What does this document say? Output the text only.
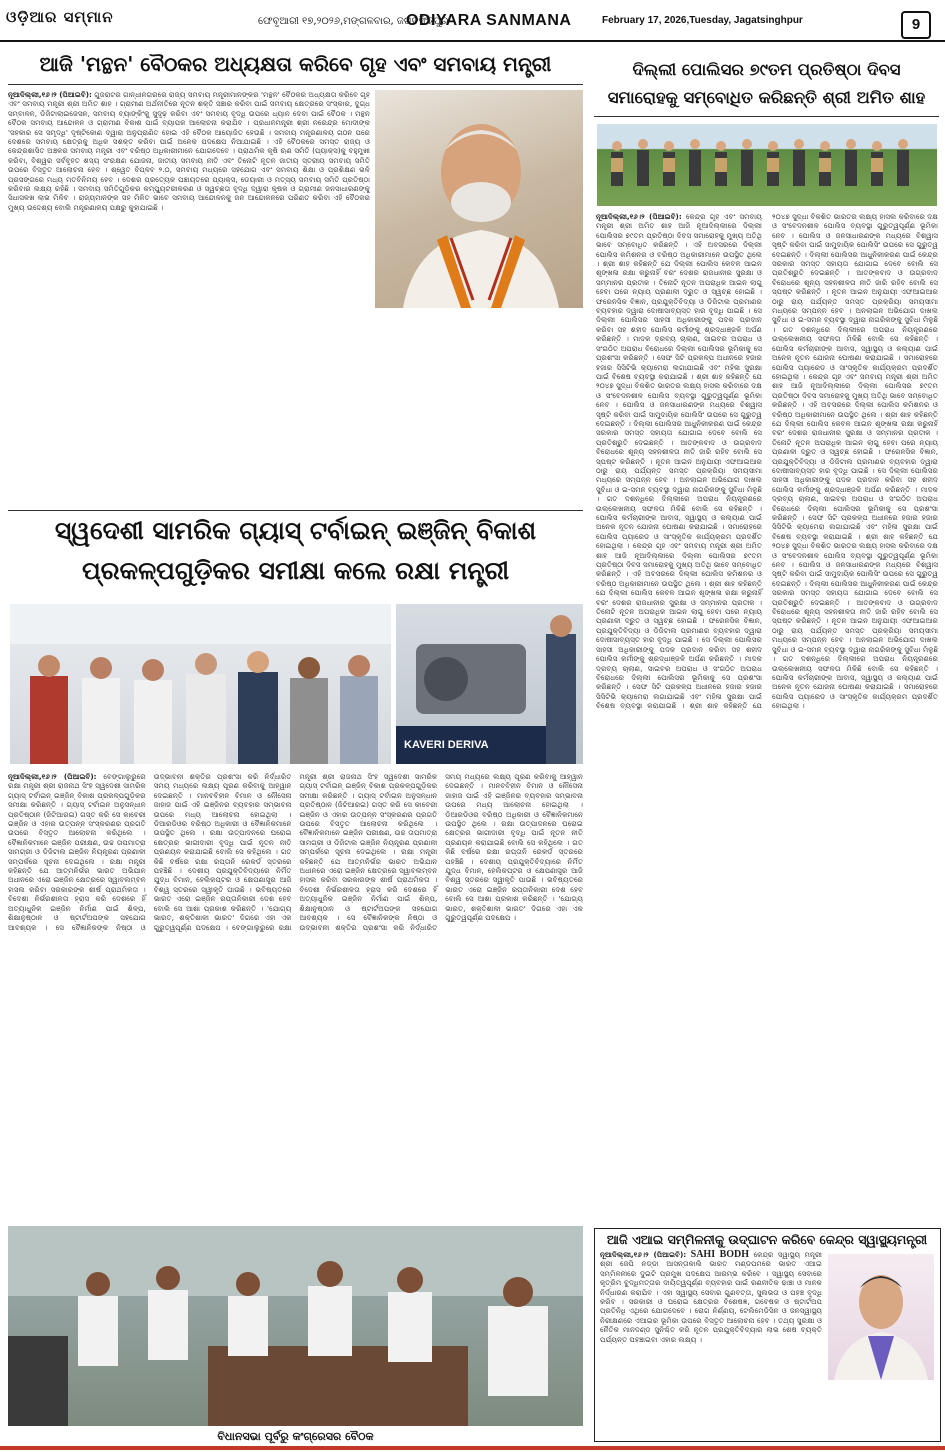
ଓଡ଼ିଆର ସମ୍ମାନ	ଫେବୃଆରୀ ୧୭,୨୦୨୬,ମଙ୍ଗଳବାର, ଜଗତସିଂହପୁର
ODIYARA SANMANA	February 17, 2026,Tuesday, Jagatsinghpur	9
ଆଜି 'ମନ୍ଥନ' ବୈଠକର ଅଧ୍ୟକ୍ଷତା କରିବେ ଗୃହ ଏବଂ ସମବାୟ ମନ୍ତ୍ରୀ
ନୂଆଦିଲ୍ଲୀ,୧୬।୨ (ପିଆଇବି): ଗୁଜରାଟର ଗାନ୍ଧୀନଗରରେ ରାଜ୍ୟ ସମବାୟ ମନ୍ତ୍ରୀମାନଙ୍କର 'ମନ୍ଥନ' ବୈଠକର ଅଧ୍ୟକ୍ଷତା କରିବେ ଗୃହ ଏବଂ ସମବାୟ ମନ୍ତ୍ରୀ ଶ୍ରୀ ଅମିତ ଶାହ । ଗ୍ରାମୀଣ ଅର୍ଥନୀତିରେ ନୂତନ ଶକ୍ତି ସଞ୍ଚାର କରିବା ପାଇଁ ସମବାୟ କ୍ଷେତ୍ରରେ ସଂସ୍କାର, ଦୁଗ୍ଧ ସମ୍ବାଳନ, ଡିଜିଟାଲାଇଜେସନ, ସମବାୟ ବ୍ୟାଙ୍କିଂକୁ ସୁଦୃଢ଼ କରିବା ଏବଂ ସମବାୟ ବୃଦ୍ଧି ଉପରେ ଧ୍ୟାନ ଦେବା ପାଇଁ ବୈଠକ । ମନ୍ଥନ ବୈଠକ ସମବାୟ ଆନ୍ଦୋଳନ ଓ ଗ୍ରାମୀଣ ବିକାଶ ପାଇଁ ବ୍ୟାପକ ଆଲୋଚନା କରାଯିବ । ପ୍ରଧାନମନ୍ତ୍ରୀ ଶ୍ରୀ ନରେନ୍ଦ୍ର ମୋଦୀଙ୍କ 'ସହକାର ସେ ସମୃଦ୍ଧି' ଦୃଷ୍ଟିକୋଣ ଦ୍ୱାରା ଅନୁପ୍ରାଣିତ ହୋଇ ଏହି ବୈଠକ ଆୟୋଜିତ ହେଉଛି । ସମବାୟ ମନ୍ତ୍ରଣାଳୟ ଗଠନ ପରେ ଦେଶରେ ସମବାୟ କ୍ଷେତ୍ରକୁ ଅଧିକ ସଶକ୍ତ କରିବା ପାଇଁ ଅନେକ ପଦକ୍ଷେପ ନିଆଯାଇଛି । ଏହି ବୈଠକରେ ସମସ୍ତ ରାଜ୍ୟ ଓ କେନ୍ଦ୍ରଶାସିତ ଅଞ୍ଚଳର ସମବାୟ ମନ୍ତ୍ରୀ ଏବଂ ବରିଷ୍ଠ ଅଧିକାରୀମାନେ ଯୋଗଦେବେ । ପ୍ରାଥମିକ କୃଷି ଋଣ ସମିତି (ପ୍ୟାକ୍ସ)କୁ ବହୁମୁଖୀ କରିବା, ବିଶ୍ୱର ସର୍ବବୃହତ ଶସ୍ୟ ସଂରକ୍ଷଣ ଯୋଜନା, ଜାତୀୟ ସମବାୟ ନୀତି ଏବଂ ତିନୋଟି ନୂତନ ଜାତୀୟ ସ୍ତରୀୟ ସମବାୟ ସମିତି ଉପରେ ବିସ୍ତୃତ ଆଲୋଚନା ହେବ । ଶ୍ୱେତ ବିପ୍ଳବ ୨.୦, ସମବାୟ ମଧ୍ୟରେ ସହଯୋଗ ଏବଂ ସମବାୟ ଶିକ୍ଷା ଓ ପ୍ରଶିକ୍ଷଣ ଭଳି ପ୍ରସଙ୍ଗରେ ମଧ୍ୟ ମତବିନିମୟ ହେବ । ଦେଶର ପ୍ରତ୍ୟେକ ପଞ୍ଚାୟତରେ ପ୍ୟାକ୍ସ, ଡେୟାରୀ ଓ ମତ୍ସ୍ୟ ସମବାୟ ସମିତି ପ୍ରତିଷ୍ଠା କରିବାର ଲକ୍ଷ୍ୟ ରହିଛି । ସମବାୟ ସମିତିଗୁଡ଼ିକର କମ୍ପ୍ୟୁଟରୀକରଣ ଓ ସ୍ୱଚ୍ଛତା ବୃଦ୍ଧି ଦ୍ୱାରା କୃଷକ ଓ ଗ୍ରାମୀଣ ଜନସାଧାରଣଙ୍କୁ ସିଧାସଳଖ ଲାଭ ମିଳିବ । ରାଜ୍ୟମାନଙ୍କ ସହ ମିଳିତ ଭାବେ ସମବାୟ ଆନ୍ଦୋଳନକୁ ଜନ ଆନ୍ଦୋଳନରେ ପରିଣତ କରିବା ଏହି ବୈଠକର ମୁଖ୍ୟ ଉଦ୍ଦେଶ୍ୟ ବୋଲି ମନ୍ତ୍ରଣାଳୟ ପକ୍ଷରୁ କୁହାଯାଇଛି ।
ଦିଲ୍ଲୀ ପୋଲିସର ୭୯ତମ ପ୍ରତିଷ୍ଠା ଦିବସ
ସମାରୋହକୁ ସମ୍ବୋଧିତ କରିଛନ୍ତି ଶ୍ରୀ ଅମିତ ଶାହ
ନୂଆଦିଲ୍ଲୀ,୧୬।୨ (ପିଆଇବି): କେନ୍ଦ୍ର ଗୃହ ଏବଂ ସମବାୟ ମନ୍ତ୍ରୀ ଶ୍ରୀ ଅମିତ ଶାହ ଆଜି ନୂଆଦିଲ୍ଲୀରେ ଦିଲ୍ଲୀ ପୋଲିସର ୭୯ତମ ପ୍ରତିଷ୍ଠା ଦିବସ ସମାରୋହକୁ ମୁଖ୍ୟ ଅତିଥି ଭାବେ ସମ୍ବୋଧିତ କରିଛନ୍ତି । ଏହି ଅବସରରେ ଦିଲ୍ଲୀ ପୋଲିସ କମିଶନର ଓ ବରିଷ୍ଠ ଅଧିକାରୀମାନେ ଉପସ୍ଥିତ ଥିଲେ । ଶ୍ରୀ ଶାହ କହିଛନ୍ତି ଯେ ଦିଲ୍ଲୀ ପୋଲିସ କେବଳ ଆଇନ ଶୃଙ୍ଖଳା ରକ୍ଷା କରୁନାହିଁ ବରଂ ଦେଶର ରାଜଧାନୀର ସୁରକ୍ଷା ଓ ସମ୍ମାନର ପ୍ରତୀକ । ତିନୋଟି ନୂତନ ଅପରାଧିକ ଆଇନ ଲାଗୁ ହେବା ପରେ ନ୍ୟାୟ ପ୍ରଣାଳୀ ଦ୍ରୁତ ଓ ସ୍ୱଚ୍ଛ ହୋଇଛି । ଫରେନସିକ ବିଜ୍ଞାନ, ପ୍ରଯୁକ୍ତିବିଦ୍ୟା ଓ ଡିଜିଟାଲ ପ୍ରମାଣର ବ୍ୟବହାର ଦ୍ୱାରା ଦୋଷୀସାବ୍ୟସ୍ତ ହାର ବୃଦ୍ଧି ପାଇଛି । ସେ ଦିଲ୍ଲୀ ପୋଲିସର ସାହସୀ ଅଧିକାରୀଙ୍କୁ ପଦକ ପ୍ରଦାନ କରିବା ସହ ଶହୀଦ ପୋଲିସ କର୍ମୀଙ୍କୁ ଶ୍ରଦ୍ଧାଞ୍ଜଳି ଅର୍ପଣ କରିଛନ୍ତି । ମାଦକ ଦ୍ରବ୍ୟ ଚାଲାଣ, ସାଇବର ଅପରାଧ ଓ ସଂଗଠିତ ଅପରାଧ ବିରୋଧରେ ଦିଲ୍ଲୀ ପୋଲିସର ଭୂମିକାକୁ ସେ ପ୍ରଶଂସା କରିଛନ୍ତି । ସେଫ ସିଟି ପ୍ରକଳ୍ପ ଅଧୀନରେ ହଜାର ହଜାର ସିସିଟିଭି କ୍ୟାମେରା ଲଗାଯାଇଛି ଏବଂ ମହିଳା ସୁରକ୍ଷା ପାଇଁ ବିଶେଷ ବ୍ୟବସ୍ଥା କରାଯାଇଛି । ଶ୍ରୀ ଶାହ କହିଛନ୍ତି ଯେ ୨୦୪୭ ସୁଦ୍ଧା ବିକଶିତ ଭାରତର ଲକ୍ଷ୍ୟ ହାସଲ କରିବାରେ ଦକ୍ଷ ଓ ସଂବେଦନଶୀଳ ପୋଲିସ ବ୍ୟବସ୍ଥା ଗୁରୁତ୍ୱପୂର୍ଣ୍ଣ ଭୂମିକା ନେବ । ପୋଲିସ ଓ ଜନସାଧାରଣଙ୍କ ମଧ୍ୟରେ ବିଶ୍ୱାସ ସୃଷ୍ଟି କରିବା ପାଇଁ ସାମୁଦାୟିକ ପୋଲିସିଂ ଉପରେ ସେ ଗୁରୁତ୍ୱ ଦେଇଛନ୍ତି । ଦିଲ୍ଲୀ ପୋଲିସର ଆଧୁନିକୀକରଣ ପାଇଁ କେନ୍ଦ୍ର ସରକାର ସମସ୍ତ ସହାୟତା ଯୋଗାଇ ଦେବେ ବୋଲି ସେ ପ୍ରତିଶ୍ରୁତି ଦେଇଛନ୍ତି । ଆତଙ୍କବାଦ ଓ ଉଗ୍ରବାଦ ବିରୋଧରେ ଶୂନ୍ୟ ସହନଶୀଳତା ନୀତି ଜାରି ରହିବ ବୋଲି ସେ ସ୍ପଷ୍ଟ କରିଛନ୍ତି । ନୂତନ ଆଇନ ଅନୁଯାୟୀ ଏଫଆଇଆର ଠାରୁ ରାୟ ପର୍ଯ୍ୟନ୍ତ ସମସ୍ତ ପ୍ରକ୍ରିୟା ସମୟସୀମା ମଧ୍ୟରେ ସମ୍ପନ୍ନ ହେବ । ଅନଲାଇନ ଅଭିଯୋଗ ଦାଖଲ ସୁବିଧା ଓ ଇ-ସମନ ବ୍ୟବସ୍ଥା ଦ୍ୱାରା ନାଗରିକଙ୍କୁ ସୁବିଧା ମିଳୁଛି । ଗତ ଦଶନ୍ଧିରେ ଦିଲ୍ଲୀରେ ଅପରାଧ ନିୟନ୍ତ୍ରଣରେ ଉଲ୍ଲେଖନୀୟ ସଫଳତା ମିଳିଛି ବୋଲି ସେ କହିଛନ୍ତି । ପୋଲିସ କର୍ମଚାରୀଙ୍କ ଆବାସ, ସ୍ୱାସ୍ଥ୍ୟ ଓ କଲ୍ୟାଣ ପାଇଁ ଅନେକ ନୂତନ ଯୋଜନା ଘୋଷଣା କରାଯାଇଛି । ସମାରୋହରେ ପୋଲିସ ପ୍ୟାରେଡ ଓ ସାଂସ୍କୃତିକ କାର୍ଯ୍ୟକ୍ରମ ପ୍ରଦର୍ଶିତ ହୋଇଥିଲା । କେନ୍ଦ୍ର ଗୃହ ଏବଂ ସମବାୟ ମନ୍ତ୍ରୀ ଶ୍ରୀ ଅମିତ ଶାହ ଆଜି ନୂଆଦିଲ୍ଲୀରେ ଦିଲ୍ଲୀ ପୋଲିସର ୭୯ତମ ପ୍ରତିଷ୍ଠା ଦିବସ ସମାରୋହକୁ ମୁଖ୍ୟ ଅତିଥି ଭାବେ ସମ୍ବୋଧିତ କରିଛନ୍ତି । ଏହି ଅବସରରେ ଦିଲ୍ଲୀ ପୋଲିସ କମିଶନର ଓ ବରିଷ୍ଠ ଅଧିକାରୀମାନେ ଉପସ୍ଥିତ ଥିଲେ । ଶ୍ରୀ ଶାହ କହିଛନ୍ତି ଯେ ଦିଲ୍ଲୀ ପୋଲିସ କେବଳ ଆଇନ ଶୃଙ୍ଖଳା ରକ୍ଷା କରୁନାହିଁ ବରଂ ଦେଶର ରାଜଧାନୀର ସୁରକ୍ଷା ଓ ସମ୍ମାନର ପ୍ରତୀକ । ତିନୋଟି ନୂତନ ଅପରାଧିକ ଆଇନ ଲାଗୁ ହେବା ପରେ ନ୍ୟାୟ ପ୍ରଣାଳୀ ଦ୍ରୁତ ଓ ସ୍ୱଚ୍ଛ ହୋଇଛି । ଫରେନସିକ ବିଜ୍ଞାନ, ପ୍ରଯୁକ୍ତିବିଦ୍ୟା ଓ ଡିଜିଟାଲ ପ୍ରମାଣର ବ୍ୟବହାର ଦ୍ୱାରା ଦୋଷୀସାବ୍ୟସ୍ତ ହାର ବୃଦ୍ଧି ପାଇଛି । ସେ ଦିଲ୍ଲୀ ପୋଲିସର ସାହସୀ ଅଧିକାରୀଙ୍କୁ ପଦକ ପ୍ରଦାନ କରିବା ସହ ଶହୀଦ ପୋଲିସ କର୍ମୀଙ୍କୁ ଶ୍ରଦ୍ଧାଞ୍ଜଳି ଅର୍ପଣ କରିଛନ୍ତି । ମାଦକ ଦ୍ରବ୍ୟ ଚାଲାଣ, ସାଇବର ଅପରାଧ ଓ ସଂଗଠିତ ଅପରାଧ ବିରୋଧରେ ଦିଲ୍ଲୀ ପୋଲିସର ଭୂମିକାକୁ ସେ ପ୍ରଶଂସା କରିଛନ୍ତି । ସେଫ ସିଟି ପ୍ରକଳ୍ପ ଅଧୀନରେ ହଜାର ହଜାର ସିସିଟିଭି କ୍ୟାମେରା ଲଗାଯାଇଛି ଏବଂ ମହିଳା ସୁରକ୍ଷା ପାଇଁ ବିଶେଷ ବ୍ୟବସ୍ଥା କରାଯାଇଛି । ଶ୍ରୀ ଶାହ କହିଛନ୍ତି ଯେ ୨୦୪୭ ସୁଦ୍ଧା ବିକଶିତ ଭାରତର ଲକ୍ଷ୍ୟ ହାସଲ କରିବାରେ ଦକ୍ଷ ଓ ସଂବେଦନଶୀଳ ପୋଲିସ ବ୍ୟବସ୍ଥା ଗୁରୁତ୍ୱପୂର୍ଣ୍ଣ ଭୂମିକା ନେବ । ପୋଲିସ ଓ ଜନସାଧାରଣଙ୍କ ମଧ୍ୟରେ ବିଶ୍ୱାସ ସୃଷ୍ଟି କରିବା ପାଇଁ ସାମୁଦାୟିକ ପୋଲିସିଂ ଉପରେ ସେ ଗୁରୁତ୍ୱ ଦେଇଛନ୍ତି । ଦିଲ୍ଲୀ ପୋଲିସର ଆଧୁନିକୀକରଣ ପାଇଁ କେନ୍ଦ୍ର ସରକାର ସମସ୍ତ ସହାୟତା ଯୋଗାଇ ଦେବେ ବୋଲି ସେ ପ୍ରତିଶ୍ରୁତି ଦେଇଛନ୍ତି । ଆତଙ୍କବାଦ ଓ ଉଗ୍ରବାଦ ବିରୋଧରେ ଶୂନ୍ୟ ସହନଶୀଳତା ନୀତି ଜାରି ରହିବ ବୋଲି ସେ ସ୍ପଷ୍ଟ କରିଛନ୍ତି । ନୂତନ ଆଇନ ଅନୁଯାୟୀ ଏଫଆଇଆର ଠାରୁ ରାୟ ପର୍ଯ୍ୟନ୍ତ ସମସ୍ତ ପ୍ରକ୍ରିୟା ସମୟସୀମା ମଧ୍ୟରେ ସମ୍ପନ୍ନ ହେବ । ଅନଲାଇନ ଅଭିଯୋଗ ଦାଖଲ ସୁବିଧା ଓ ଇ-ସମନ ବ୍ୟବସ୍ଥା ଦ୍ୱାରା ନାଗରିକଙ୍କୁ ସୁବିଧା ମିଳୁଛି । ଗତ ଦଶନ୍ଧିରେ ଦିଲ୍ଲୀରେ ଅପରାଧ ନିୟନ୍ତ୍ରଣରେ ଉଲ୍ଲେଖନୀୟ ସଫଳତା ମିଳିଛି ବୋଲି ସେ କହିଛନ୍ତି । ପୋଲିସ କର୍ମଚାରୀଙ୍କ ଆବାସ, ସ୍ୱାସ୍ଥ୍ୟ ଓ କଲ୍ୟାଣ ପାଇଁ ଅନେକ ନୂତନ ଯୋଜନା ଘୋଷଣା କରାଯାଇଛି । ସମାରୋହରେ ପୋଲିସ ପ୍ୟାରେଡ ଓ ସାଂସ୍କୃତିକ କାର୍ଯ୍ୟକ୍ରମ ପ୍ରଦର୍ଶିତ ହୋଇଥିଲା । କେନ୍ଦ୍ର ଗୃହ ଏବଂ ସମବାୟ ମନ୍ତ୍ରୀ ଶ୍ରୀ ଅମିତ ଶାହ ଆଜି ନୂଆଦିଲ୍ଲୀରେ ଦିଲ୍ଲୀ ପୋଲିସର ୭୯ତମ ପ୍ରତିଷ୍ଠା ଦିବସ ସମାରୋହକୁ ମୁଖ୍ୟ ଅତିଥି ଭାବେ ସମ୍ବୋଧିତ କରିଛନ୍ତି । ଏହି ଅବସରରେ ଦିଲ୍ଲୀ ପୋଲିସ କମିଶନର ଓ ବରିଷ୍ଠ ଅଧିକାରୀମାନେ ଉପସ୍ଥିତ ଥିଲେ । ଶ୍ରୀ ଶାହ କହିଛନ୍ତି ଯେ ଦିଲ୍ଲୀ ପୋଲିସ କେବଳ ଆଇନ ଶୃଙ୍ଖଳା ରକ୍ଷା କରୁନାହିଁ ବରଂ ଦେଶର ରାଜଧାନୀର ସୁରକ୍ଷା ଓ ସମ୍ମାନର ପ୍ରତୀକ । ତିନୋଟି ନୂତନ ଅପରାଧିକ ଆଇନ ଲାଗୁ ହେବା ପରେ ନ୍ୟାୟ ପ୍ରଣାଳୀ ଦ୍ରୁତ ଓ ସ୍ୱଚ୍ଛ ହୋଇଛି । ଫରେନସିକ ବିଜ୍ଞାନ, ପ୍ରଯୁକ୍ତିବିଦ୍ୟା ଓ ଡିଜିଟାଲ ପ୍ରମାଣର ବ୍ୟବହାର ଦ୍ୱାରା ଦୋଷୀସାବ୍ୟସ୍ତ ହାର ବୃଦ୍ଧି ପାଇଛି । ସେ ଦିଲ୍ଲୀ ପୋଲିସର ସାହସୀ ଅଧିକାରୀଙ୍କୁ ପଦକ ପ୍ରଦାନ କରିବା ସହ ଶହୀଦ ପୋଲିସ କର୍ମୀଙ୍କୁ ଶ୍ରଦ୍ଧାଞ୍ଜଳି ଅର୍ପଣ କରିଛନ୍ତି । ମାଦକ ଦ୍ରବ୍ୟ ଚାଲାଣ, ସାଇବର ଅପରାଧ ଓ ସଂଗଠିତ ଅପରାଧ ବିରୋଧରେ ଦିଲ୍ଲୀ ପୋଲିସର ଭୂମିକାକୁ ସେ ପ୍ରଶଂସା କରିଛନ୍ତି । ସେଫ ସିଟି ପ୍ରକଳ୍ପ ଅଧୀନରେ ହଜାର ହଜାର ସିସିଟିଭି କ୍ୟାମେରା ଲଗାଯାଇଛି ଏବଂ ମହିଳା ସୁରକ୍ଷା ପାଇଁ ବିଶେଷ ବ୍ୟବସ୍ଥା କରାଯାଇଛି । ଶ୍ରୀ ଶାହ କହିଛନ୍ତି ଯେ ୨୦୪୭ ସୁଦ୍ଧା ବିକଶିତ ଭାରତର ଲକ୍ଷ୍ୟ ହାସଲ କରିବାରେ ଦକ୍ଷ ଓ ସଂବେଦନଶୀଳ ପୋଲିସ ବ୍ୟବସ୍ଥା ଗୁରୁତ୍ୱପୂର୍ଣ୍ଣ ଭୂମିକା ନେବ । ପୋଲିସ ଓ ଜନସାଧାରଣଙ୍କ ମଧ୍ୟରେ ବିଶ୍ୱାସ ସୃଷ୍ଟି କରିବା ପାଇଁ ସାମୁଦାୟିକ ପୋଲିସିଂ ଉପରେ ସେ ଗୁରୁତ୍ୱ ଦେଇଛନ୍ତି । ଦିଲ୍ଲୀ ପୋଲିସର ଆଧୁନିକୀକରଣ ପାଇଁ କେନ୍ଦ୍ର ସରକାର ସମସ୍ତ ସହାୟତା ଯୋଗାଇ ଦେବେ ବୋଲି ସେ ପ୍ରତିଶ୍ରୁତି ଦେଇଛନ୍ତି । ଆତଙ୍କବାଦ ଓ ଉଗ୍ରବାଦ ବିରୋଧରେ ଶୂନ୍ୟ ସହନଶୀଳତା ନୀତି ଜାରି ରହିବ ବୋଲି ସେ ସ୍ପଷ୍ଟ କରିଛନ୍ତି । ନୂତନ ଆଇନ ଅନୁଯାୟୀ ଏଫଆଇଆର ଠାରୁ ରାୟ ପର୍ଯ୍ୟନ୍ତ ସମସ୍ତ ପ୍ରକ୍ରିୟା ସମୟସୀମା ମଧ୍ୟରେ ସମ୍ପନ୍ନ ହେବ । ଅନଲାଇନ ଅଭିଯୋଗ ଦାଖଲ ସୁବିଧା ଓ ଇ-ସମନ ବ୍ୟବସ୍ଥା ଦ୍ୱାରା ନାଗରିକଙ୍କୁ ସୁବିଧା ମିଳୁଛି । ଗତ ଦଶନ୍ଧିରେ ଦିଲ୍ଲୀରେ ଅପରାଧ ନିୟନ୍ତ୍ରଣରେ ଉଲ୍ଲେଖନୀୟ ସଫଳତା ମିଳିଛି ବୋଲି ସେ କହିଛନ୍ତି । ପୋଲିସ କର୍ମଚାରୀଙ୍କ ଆବାସ, ସ୍ୱାସ୍ଥ୍ୟ ଓ କଲ୍ୟାଣ ପାଇଁ ଅନେକ ନୂତନ ଯୋଜନା ଘୋଷଣା କରାଯାଇଛି । ସମାରୋହରେ ପୋଲିସ ପ୍ୟାରେଡ ଓ ସାଂସ୍କୃତିକ କାର୍ଯ୍ୟକ୍ରମ ପ୍ରଦର୍ଶିତ ହୋଇଥିଲା ।
ସ୍ୱଦେଶୀ ସାମରିକ ଗ୍ୟାସ୍ ଟର୍ବାଇନ୍ ଇଞ୍ଜିନ୍ ବିକାଶ
ପ୍ରକଳ୍ପଗୁଡ଼ିକର ସମୀକ୍ଷା କଲେ ରକ୍ଷା ମନ୍ତ୍ରୀ
KAVERI DERIVA
ନୂଆଦିଲ୍ଲୀ,୧୬।୨ (ପିଆଇବି): ବେଙ୍ଗାଲୁରୁରେ ରକ୍ଷା ମନ୍ତ୍ରୀ ଶ୍ରୀ ରାଜନାଥ ସିଂହ ସ୍ୱଦେଶୀ ସାମରିକ ଗ୍ୟାସ୍ ଟର୍ବାଇନ୍ ଇଞ୍ଜିନ୍ ବିକାଶ ପ୍ରକଳ୍ପଗୁଡ଼ିକର ସମୀକ୍ଷା କରିଛନ୍ତି । ଗ୍ୟାସ୍ ଟର୍ବାଇନ ଅନୁସନ୍ଧାନ ପ୍ରତିଷ୍ଠାନ (ଜିଟିଆରଇ) ଗସ୍ତ କରି ସେ କାବେରୀ ଇଞ୍ଜିନ ଓ ଏହାର ଉତ୍ପନ୍ନ ସଂସ୍କରଣର ପ୍ରଗତି ଉପରେ ବିସ୍ତୃତ ଆଲୋଚନା କରିଥିଲେ । ବୈଜ୍ଞାନିକମାନେ ଇଞ୍ଜିନ ପରୀକ୍ଷଣ, ଉଚ୍ଚ ତାପମାତ୍ରା ସାମଗ୍ରୀ ଓ ଡିଜିଟାଲ ଇଞ୍ଜିନ ନିୟନ୍ତ୍ରଣ ପ୍ରଣାଳୀ ସମ୍ପର୍କରେ ସୂଚନା ଦେଇଥିଲେ । ରକ୍ଷା ମନ୍ତ୍ରୀ କହିଛନ୍ତି ଯେ ଆତ୍ମନିର୍ଭର ଭାରତ ଅଭିଯାନ ଅଧୀନରେ ଏରୋ ଇଞ୍ଜିନ କ୍ଷେତ୍ରରେ ସ୍ୱାବଲମ୍ବନ ହାସଲ କରିବା ସରକାରଙ୍କ ଶୀର୍ଷ ପ୍ରାଥମିକତା । ବିଦେଶୀ ନିର୍ଭରଶୀଳତା ହ୍ରାସ କରି ଦେଶରେ ହିଁ ଅତ୍ୟାଧୁନିକ ଇଞ୍ଜିନ ନିର୍ମାଣ ପାଇଁ ଶିଳ୍ପ, ଶିକ୍ଷାନୁଷ୍ଠାନ ଓ ଷ୍ଟାର୍ଟଅପଙ୍କ ସହଯୋଗ ଆବଶ୍ୟକ । ସେ ବୈଜ୍ଞାନିକଙ୍କ ନିଷ୍ଠା ଓ ଉଦ୍ଭାବନୀ ଶକ୍ତିର ପ୍ରଶଂସା କରି ନିର୍ଦ୍ଧାରିତ ସମୟ ମଧ୍ୟରେ ଲକ୍ଷ୍ୟ ପୂରଣ କରିବାକୁ ଆହ୍ୱାନ ଦେଇଛନ୍ତି । ମାନବବିହୀନ ବିମାନ ଓ ନୌସେନା ଜାହାଜ ପାଇଁ ଏହି ଇଞ୍ଜିନର ବ୍ୟବହାର ସମ୍ଭାବନା ଉପରେ ମଧ୍ୟ ଆଲୋଚନା ହୋଇଥିଲା । ଡିଆରଡିଓର ବରିଷ୍ଠ ଅଧିକାରୀ ଓ ବୈଜ୍ଞାନିକମାନେ ଉପସ୍ଥିତ ଥିଲେ । ରକ୍ଷା ଉତ୍ପାଦନରେ ଘରୋଇ କ୍ଷେତ୍ରର ଭାଗୀଦାରୀ ବୃଦ୍ଧି ପାଇଁ ନୂତନ ନୀତି ପ୍ରଣୟନ କରାଯାଇଛି ବୋଲି ସେ କହିଥିଲେ । ଗତ କିଛି ବର୍ଷରେ ରକ୍ଷା ରପ୍ତାନି ରେକର୍ଡ ସ୍ତରରେ ପହଞ୍ଚିଛି । ଦେଶୀୟ ପ୍ରଯୁକ୍ତିବିଦ୍ୟାରେ ନିର୍ମିତ ଯୁଦ୍ଧ ବିମାନ, ହେଲିକପ୍ଟର ଓ କ୍ଷେପଣାସ୍ତ୍ର ଆଜି ବିଶ୍ୱ ସ୍ତରରେ ସ୍ୱୀକୃତି ପାଉଛି । ଭବିଷ୍ୟତରେ ଭାରତ ଏରୋ ଇଞ୍ଜିନ ରପ୍ତାନିକାରୀ ଦେଶ ହେବ ବୋଲି ସେ ଆଶା ପ୍ରକାଶ କରିଛନ୍ତି । 'ଯୋଗ୍ୟ ଭାରତ, ଶକ୍ତିଶାଳୀ ଭାରତ' ଦିଗରେ ଏହା ଏକ ଗୁରୁତ୍ୱପୂର୍ଣ୍ଣ ପଦକ୍ଷେପ । ବେଙ୍ଗାଲୁରୁରେ ରକ୍ଷା ମନ୍ତ୍ରୀ ଶ୍ରୀ ରାଜନାଥ ସିଂହ ସ୍ୱଦେଶୀ ସାମରିକ ଗ୍ୟାସ୍ ଟର୍ବାଇନ୍ ଇଞ୍ଜିନ୍ ବିକାଶ ପ୍ରକଳ୍ପଗୁଡ଼ିକର ସମୀକ୍ଷା କରିଛନ୍ତି । ଗ୍ୟାସ୍ ଟର୍ବାଇନ ଅନୁସନ୍ଧାନ ପ୍ରତିଷ୍ଠାନ (ଜିଟିଆରଇ) ଗସ୍ତ କରି ସେ କାବେରୀ ଇଞ୍ଜିନ ଓ ଏହାର ଉତ୍ପନ୍ନ ସଂସ୍କରଣର ପ୍ରଗତି ଉପରେ ବିସ୍ତୃତ ଆଲୋଚନା କରିଥିଲେ । ବୈଜ୍ଞାନିକମାନେ ଇଞ୍ଜିନ ପରୀକ୍ଷଣ, ଉଚ୍ଚ ତାପମାତ୍ରା ସାମଗ୍ରୀ ଓ ଡିଜିଟାଲ ଇଞ୍ଜିନ ନିୟନ୍ତ୍ରଣ ପ୍ରଣାଳୀ ସମ୍ପର୍କରେ ସୂଚନା ଦେଇଥିଲେ । ରକ୍ଷା ମନ୍ତ୍ରୀ କହିଛନ୍ତି ଯେ ଆତ୍ମନିର୍ଭର ଭାରତ ଅଭିଯାନ ଅଧୀନରେ ଏରୋ ଇଞ୍ଜିନ କ୍ଷେତ୍ରରେ ସ୍ୱାବଲମ୍ବନ ହାସଲ କରିବା ସରକାରଙ୍କ ଶୀର୍ଷ ପ୍ରାଥମିକତା । ବିଦେଶୀ ନିର୍ଭରଶୀଳତା ହ୍ରାସ କରି ଦେଶରେ ହିଁ ଅତ୍ୟାଧୁନିକ ଇଞ୍ଜିନ ନିର୍ମାଣ ପାଇଁ ଶିଳ୍ପ, ଶିକ୍ଷାନୁଷ୍ଠାନ ଓ ଷ୍ଟାର୍ଟଅପଙ୍କ ସହଯୋଗ ଆବଶ୍ୟକ । ସେ ବୈଜ୍ଞାନିକଙ୍କ ନିଷ୍ଠା ଓ ଉଦ୍ଭାବନୀ ଶକ୍ତିର ପ୍ରଶଂସା କରି ନିର୍ଦ୍ଧାରିତ ସମୟ ମଧ୍ୟରେ ଲକ୍ଷ୍ୟ ପୂରଣ କରିବାକୁ ଆହ୍ୱାନ ଦେଇଛନ୍ତି । ମାନବବିହୀନ ବିମାନ ଓ ନୌସେନା ଜାହାଜ ପାଇଁ ଏହି ଇଞ୍ଜିନର ବ୍ୟବହାର ସମ୍ଭାବନା ଉପରେ ମଧ୍ୟ ଆଲୋଚନା ହୋଇଥିଲା । ଡିଆରଡିଓର ବରିଷ୍ଠ ଅଧିକାରୀ ଓ ବୈଜ୍ଞାନିକମାନେ ଉପସ୍ଥିତ ଥିଲେ । ରକ୍ଷା ଉତ୍ପାଦନରେ ଘରୋଇ କ୍ଷେତ୍ରର ଭାଗୀଦାରୀ ବୃଦ୍ଧି ପାଇଁ ନୂତନ ନୀତି ପ୍ରଣୟନ କରାଯାଇଛି ବୋଲି ସେ କହିଥିଲେ । ଗତ କିଛି ବର୍ଷରେ ରକ୍ଷା ରପ୍ତାନି ରେକର୍ଡ ସ୍ତରରେ ପହଞ୍ଚିଛି । ଦେଶୀୟ ପ୍ରଯୁକ୍ତିବିଦ୍ୟାରେ ନିର୍ମିତ ଯୁଦ୍ଧ ବିମାନ, ହେଲିକପ୍ଟର ଓ କ୍ଷେପଣାସ୍ତ୍ର ଆଜି ବିଶ୍ୱ ସ୍ତରରେ ସ୍ୱୀକୃତି ପାଉଛି । ଭବିଷ୍ୟତରେ ଭାରତ ଏରୋ ଇଞ୍ଜିନ ରପ୍ତାନିକାରୀ ଦେଶ ହେବ ବୋଲି ସେ ଆଶା ପ୍ରକାଶ କରିଛନ୍ତି । 'ଯୋଗ୍ୟ ଭାରତ, ଶକ୍ତିଶାଳୀ ଭାରତ' ଦିଗରେ ଏହା ଏକ ଗୁରୁତ୍ୱପୂର୍ଣ୍ଣ ପଦକ୍ଷେପ ।
ବିଧାନସଭା ପୂର୍ବରୁ କଂଗ୍ରେସର ବୈଠକ
ଆଜି ଏଆଇ ସମ୍ମିଳନୀକୁ ଉଦ୍‌ଘାଟନ କରିବେ କେନ୍ଦ୍ର ସ୍ୱାସ୍ଥ୍ୟମନ୍ତ୍ରୀ
ନୂଆଦିଲ୍ଲୀ,୧୬।୨ (ପିଆଇବି): SAHI BODH କେନ୍ଦ୍ର ସ୍ୱାସ୍ଥ୍ୟ ମନ୍ତ୍ରୀ ଶ୍ରୀ ଜେପି ନଡ୍ଡା ଆସନ୍ତାକାଲି ଭାରତ ମଣ୍ଡପମରେ ଭାରତ ଏଆଇ ସମ୍ମିଳନୀରେ ଦୁଇଟି ପ୍ରମୁଖ ପଦକ୍ଷେପ ଆରମ୍ଭ କରିବେ । ସ୍ୱାସ୍ଥ୍ୟ ସେବାରେ କୃତ୍ରିମ ବୁଦ୍ଧିମତ୍ତାର ଦାୟିତ୍ୱପୂର୍ଣ୍ଣ ବ୍ୟବହାର ପାଇଁ ରଣନୀତିକ ଢାଞ୍ଚା ଓ ମାନକ ନିର୍ଦ୍ଧାରଣ କରାଯିବ । ଏହା ସ୍ୱାସ୍ଥ୍ୟ ସେବାର ଗୁଣବତ୍ତା, ସୁଲଭତା ଓ ପହଞ୍ଚ ବୃଦ୍ଧି କରିବ । ସରକାରୀ ଓ ଘରୋଇ କ୍ଷେତ୍ରର ବିଶେଷଜ୍ଞ, ଗବେଷକ ଓ ଷ୍ଟାର୍ଟଅପ ପ୍ରତିନିଧି ଏଥିରେ ଯୋଗଦେବେ । ରୋଗ ନିର୍ଣ୍ଣୟ, ଟେଲିମେଡିସିନ ଓ ଜନସ୍ୱାସ୍ଥ୍ୟ ନିରୀକ୍ଷଣରେ ଏଆଇର ଭୂମିକା ଉପରେ ବିସ୍ତୃତ ଆଲୋଚନା ହେବ । ତଥ୍ୟ ସୁରକ୍ଷା ଓ ନୈତିକ ମାନଦଣ୍ଡ ସୁନିଶ୍ଚିତ କରି ନୂତନ ପ୍ରଯୁକ୍ତିବିଦ୍ୟାର ଲାଭ ଶେଷ ବ୍ୟକ୍ତି ପର୍ଯ୍ୟନ୍ତ ପହଞ୍ଚାଇବା ଏହାର ଲକ୍ଷ୍ୟ ।
